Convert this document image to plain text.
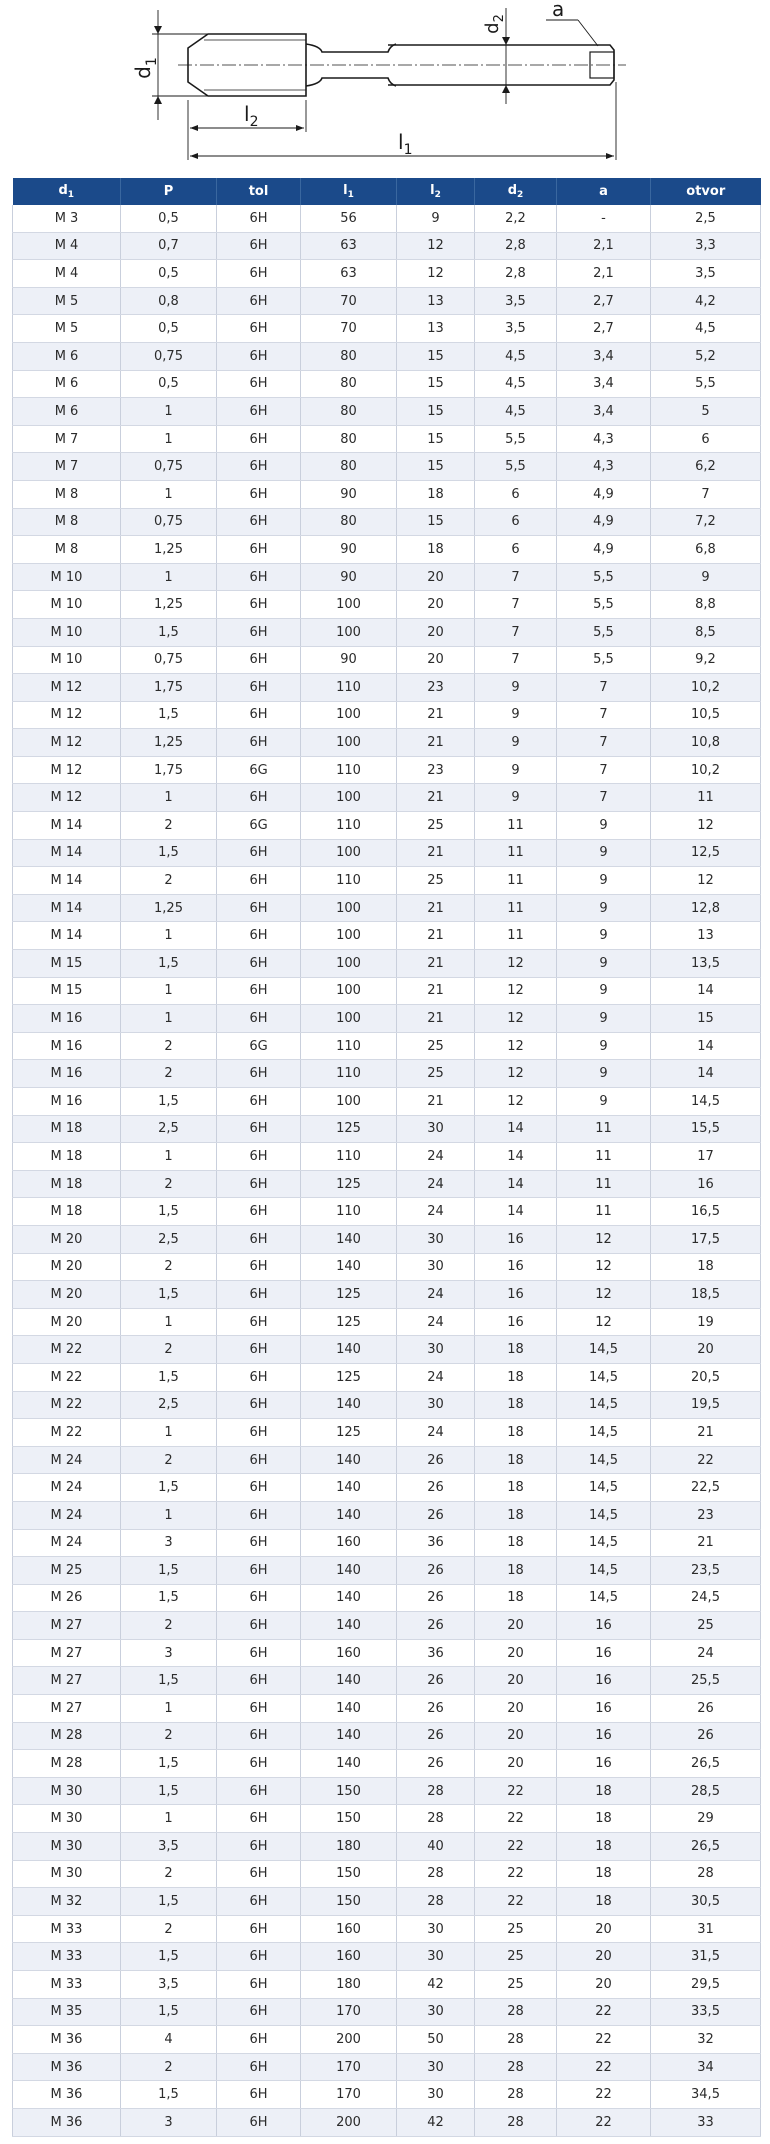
$d_1$
$d_2$ a
$l_2$
$l_1$
$d_1$	P	tol	$l_1$	$l_2$	$d_2$	a	otvor
M 3	0,5	6H	56	9	2,2	-	2,5
M 4	0,7	6H	63	12	2,8	2,1	3,3
M 4	0,5	6H	63	12	2,8	2,1	3,5
M 5	0,8	6H	70	13	3,5	2,7	4,2
M 5	0,5	6H	70	13	3,5	2,7	4,5
M 6	0,75	6H	80	15	4,5	3,4	5,2
M 6	0,5	6H	80	15	4,5	3,4	5,5
M 6	1	6H	80	15	4,5	3,4	5
M 7	1	6H	80	15	5,5	4,3	6
M 7	0,75	6H	80	15	5,5	4,3	6,2
M 8	1	6H	90	18	6	4,9	7
M 8	0,75	6H	80	15	6	4,9	7,2
M 8	1,25	6H	90	18	6	4,9	6,8
M 10	1	6H	90	20	7	5,5	9
M 10	1,25	6H	100	20	7	5,5	8,8
M 10	1,5	6H	100	20	7	5,5	8,5
M 10	0,75	6H	90	20	7	5,5	9,2
M 12	1,75	6H	110	23	9	7	10,2
M 12	1,5	6H	100	21	9	7	10,5
M 12	1,25	6H	100	21	9	7	10,8
M 12	1,75	6G	110	23	9	7	10,2
M 12	1	6H	100	21	9	7	11
M 14	2	6G	110	25	11	9	12
M 14	1,5	6H	100	21	11	9	12,5
M 14	2	6H	110	25	11	9	12
M 14	1,25	6H	100	21	11	9	12,8
M 14	1	6H	100	21	11	9	13
M 15	1,5	6H	100	21	12	9	13,5
M 15	1	6H	100	21	12	9	14
M 16	1	6H	100	21	12	9	15
M 16	2	6G	110	25	12	9	14
M 16	2	6H	110	25	12	9	14
M 16	1,5	6H	100	21	12	9	14,5
M 18	2,5	6H	125	30	14	11	15,5
M 18	1	6H	110	24	14	11	17
M 18	2	6H	125	24	14	11	16
M 18	1,5	6H	110	24	14	11	16,5
M 20	2,5	6H	140	30	16	12	17,5
M 20	2	6H	140	30	16	12	18
M 20	1,5	6H	125	24	16	12	18,5
M 20	1	6H	125	24	16	12	19
M 22	2	6H	140	30	18	14,5	20
M 22	1,5	6H	125	24	18	14,5	20,5
M 22	2,5	6H	140	30	18	14,5	19,5
M 22	1	6H	125	24	18	14,5	21
M 24	2	6H	140	26	18	14,5	22
M 24	1,5	6H	140	26	18	14,5	22,5
M 24	1	6H	140	26	18	14,5	23
M 24	3	6H	160	36	18	14,5	21
M 25	1,5	6H	140	26	18	14,5	23,5
M 26	1,5	6H	140	26	18	14,5	24,5
M 27	2	6H	140	26	20	16	25
M 27	3	6H	160	36	20	16	24
M 27	1,5	6H	140	26	20	16	25,5
M 27	1	6H	140	26	20	16	26
M 28	2	6H	140	26	20	16	26
M 28	1,5	6H	140	26	20	16	26,5
M 30	1,5	6H	150	28	22	18	28,5
M 30	1	6H	150	28	22	18	29
M 30	3,5	6H	180	40	22	18	26,5
M 30	2	6H	150	28	22	18	28
M 32	1,5	6H	150	28	22	18	30,5
M 33	2	6H	160	30	25	20	31
M 33	1,5	6H	160	30	25	20	31,5
M 33	3,5	6H	180	42	25	20	29,5
M 35	1,5	6H	170	30	28	22	33,5
M 36	4	6H	200	50	28	22	32
M 36	2	6H	170	30	28	22	34
M 36	1,5	6H	170	30	28	22	34,5
M 36	3	6H	200	42	28	22	33
